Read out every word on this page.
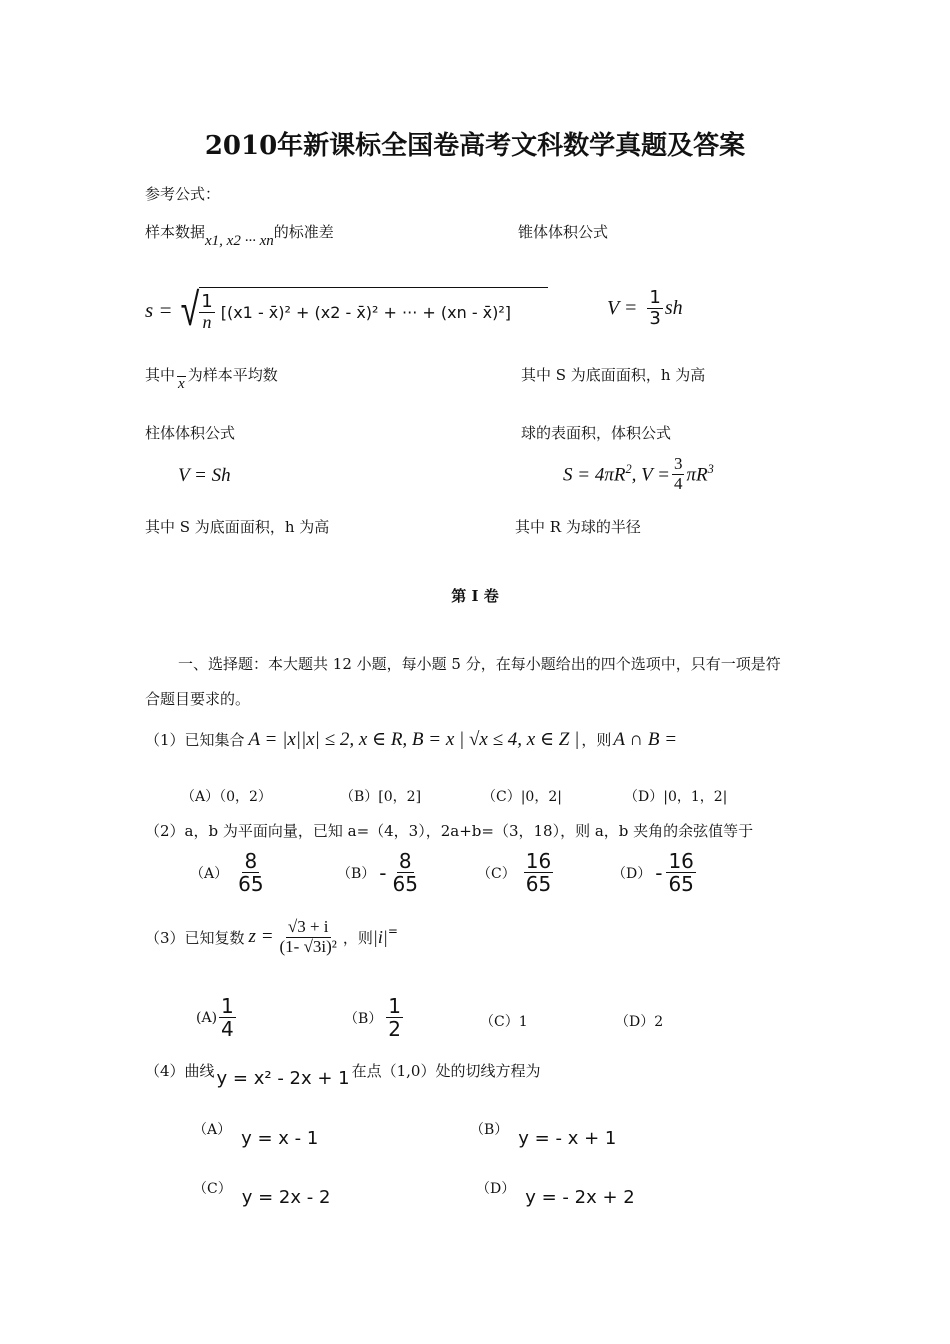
2010年新课标全国卷高考文科数学真题及答案
参考公式：
样本数据x1, x2 ··· xn的标准差	锥体体积公式
s = √ $\frac{1}{n} [(x1$ - x̄)² + (x2 - x̄)² + ··· + (xn - x̄)²]	$V = \frac{1}{3}$ sh
其中 x 为样本平均数	其中 S 为底面面积，h 为高
柱体体积公式	球的表面积，体积公式
V = Sh	$S = 4\pi R^2$, $V = \frac{3}{4} \pi R^3$
其中 S 为底面面积，h 为高	其中 R 为球的半径
第 I 卷
一、选择题：本大题共 12 小题，每小题 5 分，在每小题给出的四个选项中，只有一项是符
合题目要求的。
（1）已知集合 A = |x||x| ≤ 2, x ∈ R, B = x | √x ≤ 4, x ∈ Z | ，则 A ∩ B =
（A）（0，2）	（B）[0，2]	（C）|0，2|	（D）|0，1，2|
（2）a，b 为平面向量，已知 a=（4，3），2a+b=（3，18），则 a，b 夹角的余弦值等于
$(A) \frac{8}{65}$	$(B) - \frac{8}{65}$	$(C) \frac{16}{65}$	$(D) - \frac{16}{65}$
（3）已知复数 $z = \frac{√3 + i}{\text{(1- √3i)²}}$ ，则 |i| =
$(A) \frac{1}{4}$	$(B) \frac{1}{2}$	（C）1	（D）2
（4）曲线 y = x² - 2x + 1 在点（1,0）处的切线方程为
（A） y = x - 1	（B） y = - x + 1
（C） y = 2x - 2	（D） y = - 2x + 2
